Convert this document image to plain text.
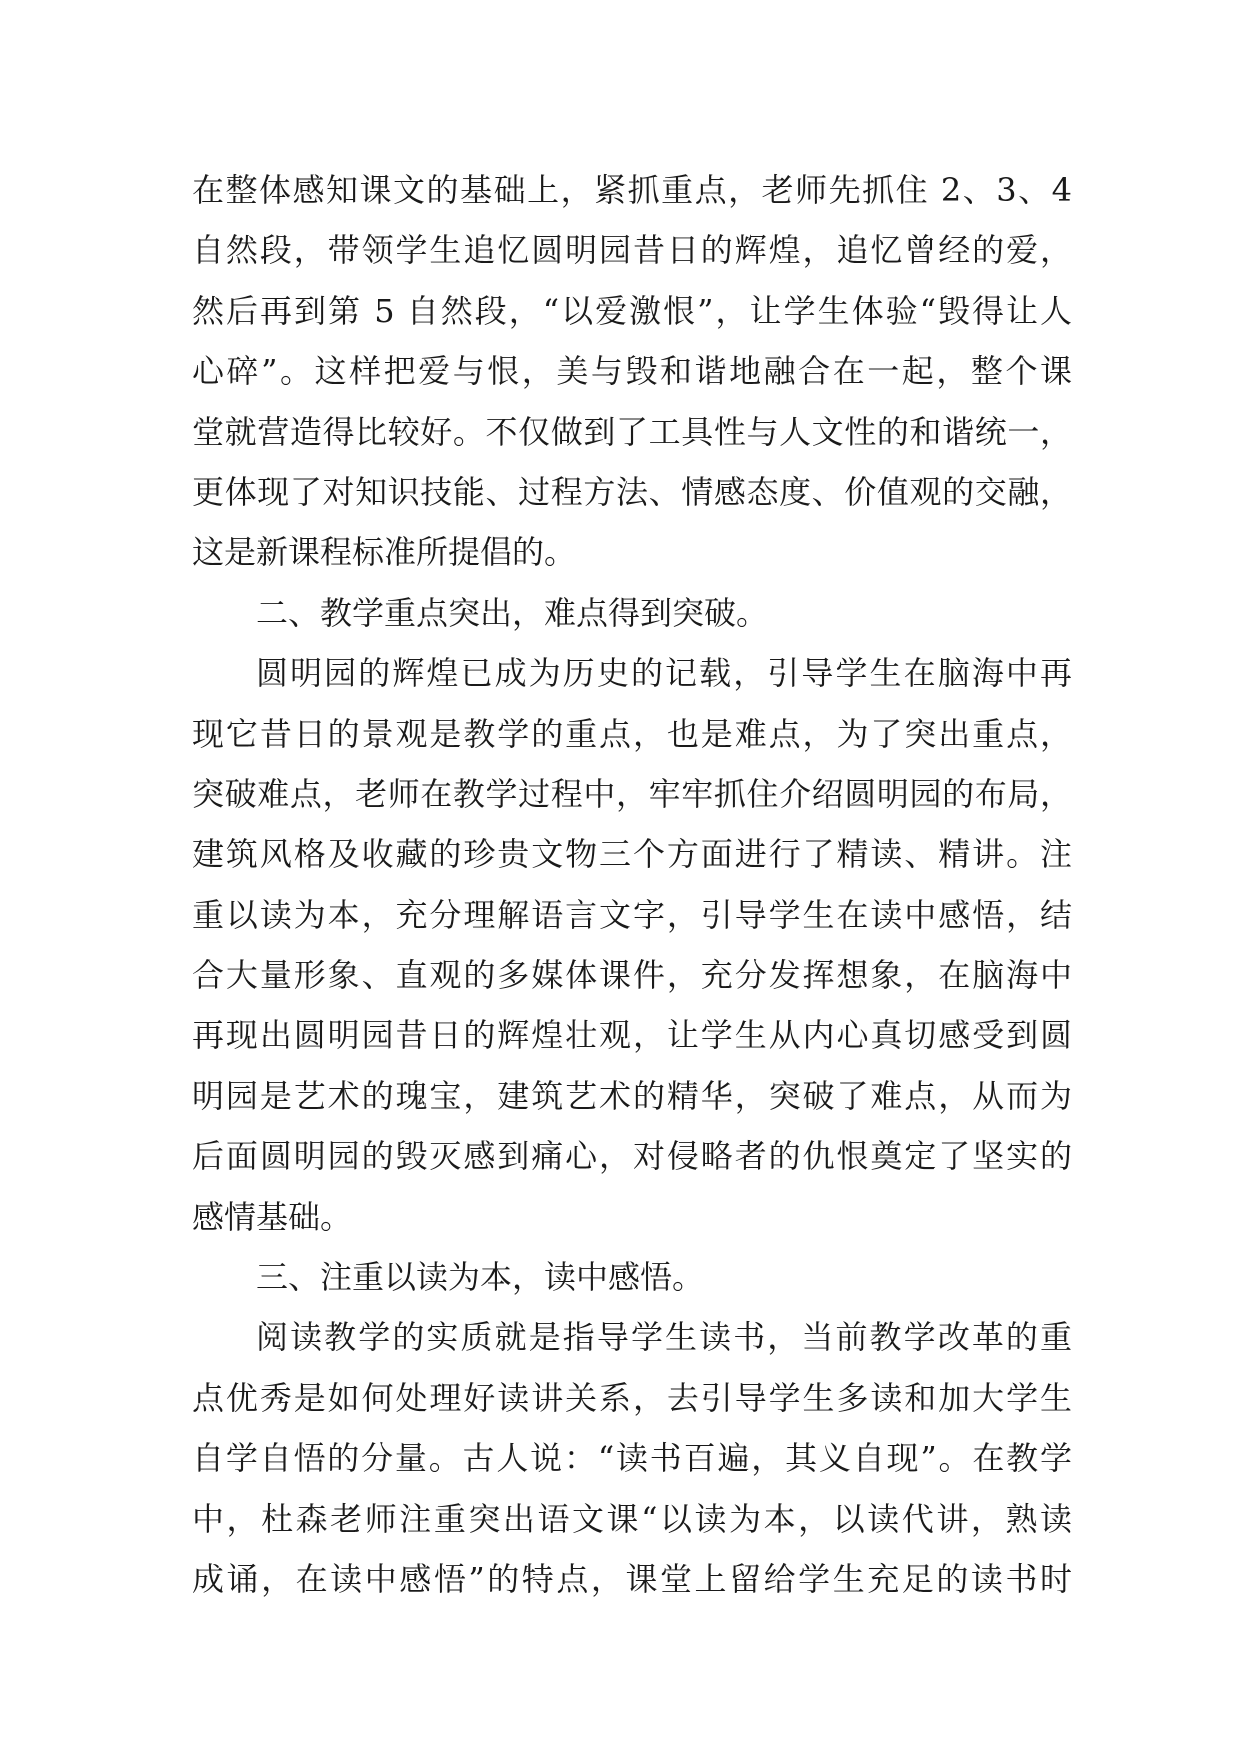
在整体感知课文的基础上，紧抓重点，老师先抓住 2、3、4
自然段，带领学生追忆圆明园昔日的辉煌，追忆曾经的爱，
然后再到第 5 自然段，“以爱激恨”，让学生体验“毁得让人
心碎”。这样把爱与恨，美与毁和谐地融合在一起，整个课
堂就营造得比较好。不仅做到了工具性与人文性的和谐统一，
更体现了对知识技能、过程方法、情感态度、价值观的交融，
这是新课程标准所提倡的。
二、教学重点突出，难点得到突破。
圆明园的辉煌已成为历史的记载，引导学生在脑海中再
现它昔日的景观是教学的重点，也是难点，为了突出重点，
突破难点，老师在教学过程中，牢牢抓住介绍圆明园的布局，
建筑风格及收藏的珍贵文物三个方面进行了精读、精讲。注
重以读为本，充分理解语言文字，引导学生在读中感悟，结
合大量形象、直观的多媒体课件，充分发挥想象，在脑海中
再现出圆明园昔日的辉煌壮观，让学生从内心真切感受到圆
明园是艺术的瑰宝，建筑艺术的精华，突破了难点，从而为
后面圆明园的毁灭感到痛心，对侵略者的仇恨奠定了坚实的
感情基础。
三、注重以读为本，读中感悟。
阅读教学的实质就是指导学生读书，当前教学改革的重
点优秀是如何处理好读讲关系，去引导学生多读和加大学生
自学自悟的分量。古人说：“读书百遍，其义自现”。在教学
中，杜森老师注重突出语文课“以读为本，以读代讲，熟读
成诵，在读中感悟”的特点，课堂上留给学生充足的读书时
